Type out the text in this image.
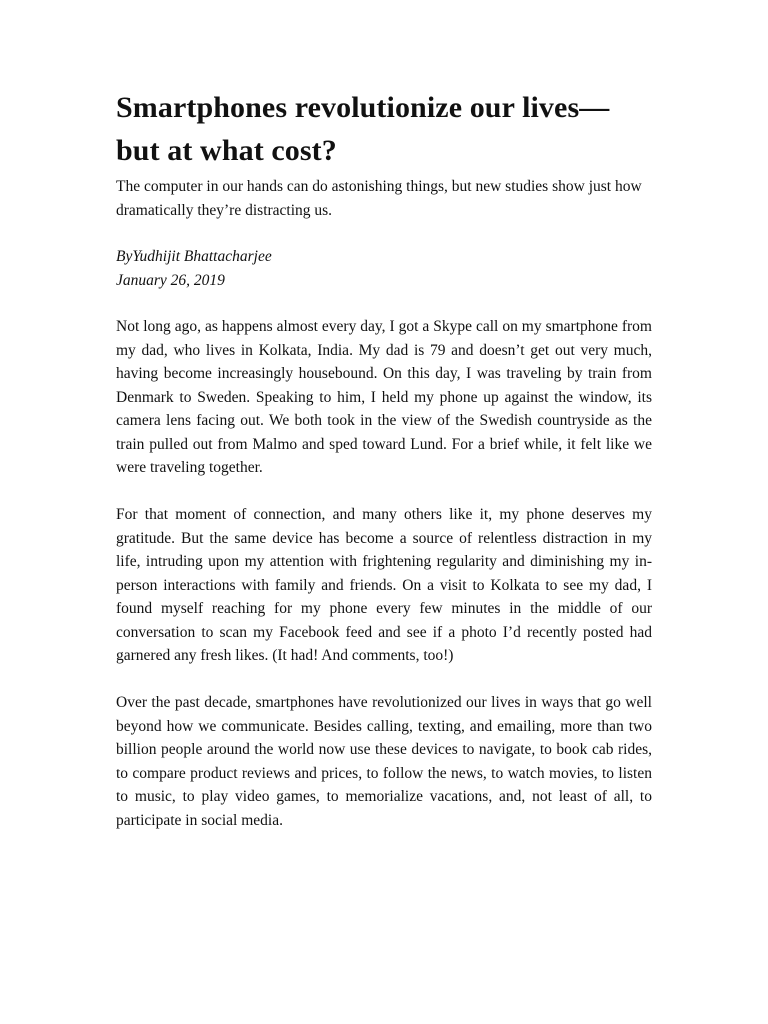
Smartphones revolutionize our lives—but at what cost?

The computer in our hands can do astonishing things, but new studies show just how dramatically they’re distracting us.

ByYudhijit Bhattacharjee
January 26, 2019

Not long ago, as happens almost every day, I got a Skype call on my smartphone from my dad, who lives in Kolkata, India. My dad is 79 and doesn’t get out very much, having become increasingly housebound. On this day, I was traveling by train from Denmark to Sweden. Speaking to him, I held my phone up against the window, its camera lens facing out. We both took in the view of the Swedish countryside as the train pulled out from Malmo and sped toward Lund. For a brief while, it felt like we were traveling together.

For that moment of connection, and many others like it, my phone deserves my gratitude. But the same device has become a source of relentless distraction in my life, intruding upon my attention with frightening regularity and diminishing my in-person interactions with family and friends. On a visit to Kolkata to see my dad, I found myself reaching for my phone every few minutes in the middle of our conversation to scan my Facebook feed and see if a photo I’d recently posted had garnered any fresh likes. (It had! And comments, too!)

Over the past decade, smartphones have revolutionized our lives in ways that go well beyond how we communicate. Besides calling, texting, and emailing, more than two billion people around the world now use these devices to navigate, to book cab rides, to compare product reviews and prices, to follow the news, to watch movies, to listen to music, to play video games, to memorialize vacations, and, not least of all, to participate in social media.
